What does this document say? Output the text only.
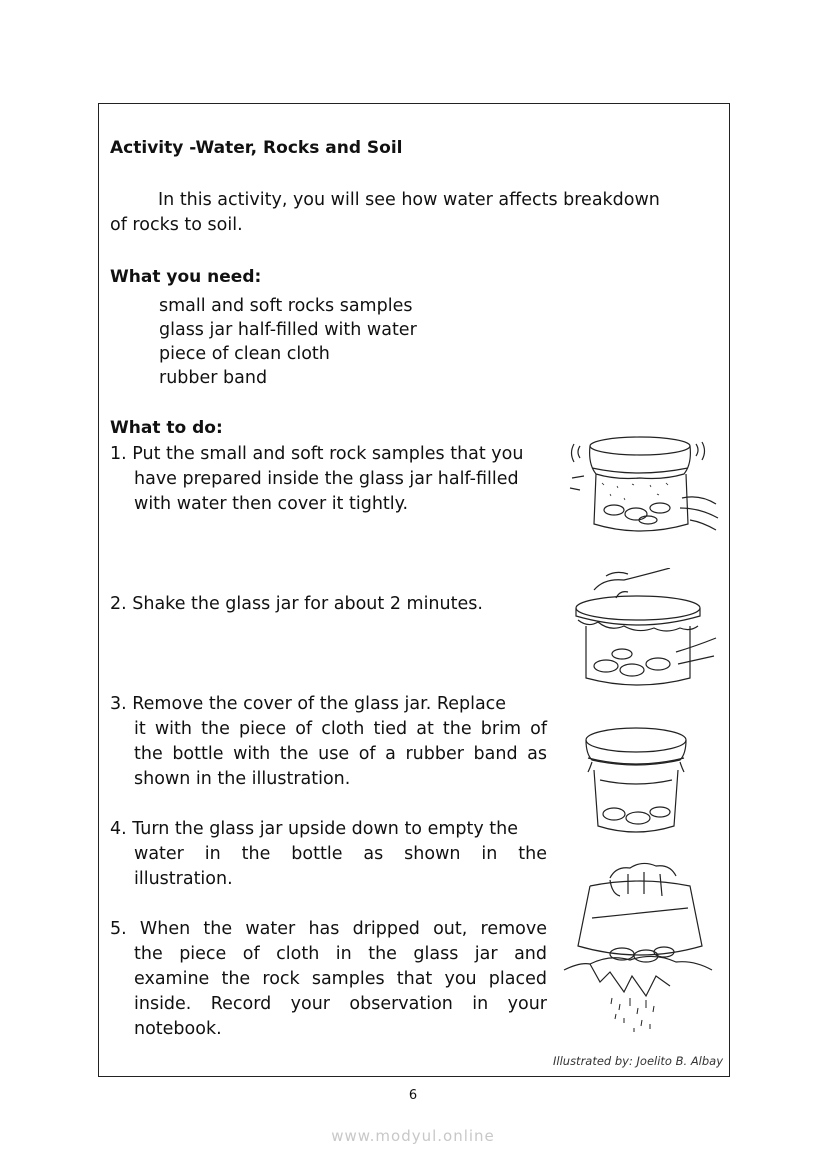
Activity -Water, Rocks and Soil
In this activity, you will see how water affects breakdown
of rocks to soil.
What you need:
small and soft rocks samples
glass jar half-filled with water
piece of clean cloth
rubber band
What to do:
1. Put the small and soft rock samples that you
have prepared inside the glass jar half-filled
with water then cover it tightly.
2. Shake the glass jar for about 2 minutes.
3. Remove the cover of the glass jar. Replace
it with the piece of cloth tied at the brim of
the bottle with the use of a rubber band as
shown in the illustration.
4. Turn the glass jar upside down to empty the
water in the bottle as shown in the
illustration.
5. When the water has dripped out, remove
the piece of cloth in the glass jar and
examine the rock samples that you placed
inside. Record your observation in your
notebook.
Illustrated by: Joelito B. Albay
6
www.modyul.online
